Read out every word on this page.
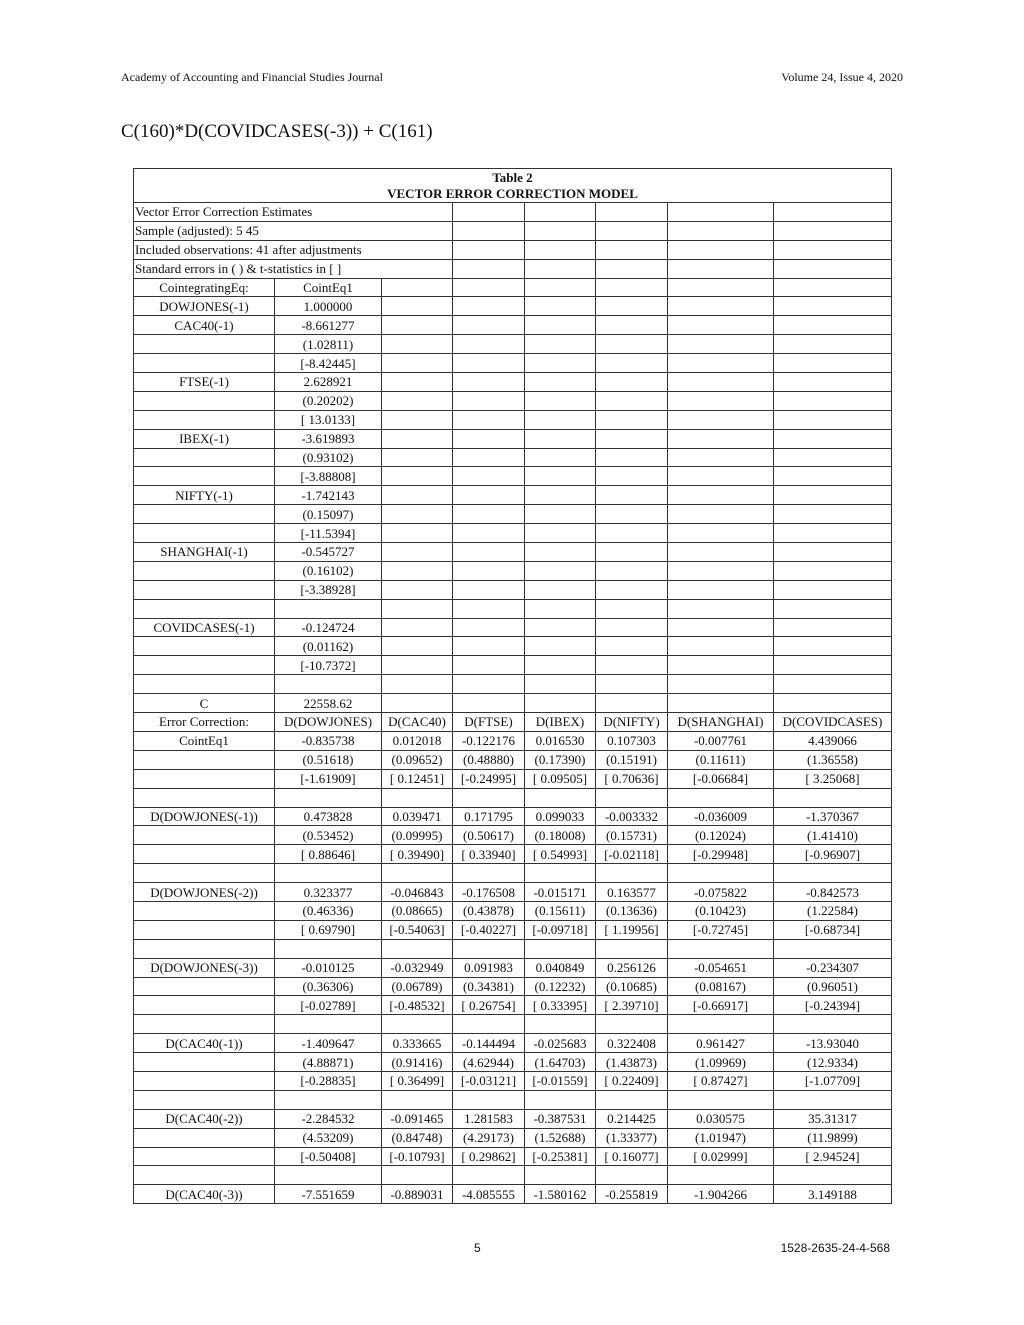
Academy of Accounting and Financial Studies Journal	Volume 24, Issue 4, 2020
C(160)*D(COVIDCASES(-3)) + C(161)
Table 2
VECTOR ERROR CORRECTION MODEL							

Vector Error Correction Estimates							
Sample (adjusted): 5 45							
Included observations: 41 after adjustments							
Standard errors in ( ) & t-statistics in [ ]							
CointegratingEq:	CointEq1						
DOWJONES(-1)	1.000000						
CAC40(-1)	-8.661277						
	(1.02811)						
	[-8.42445]						
FTSE(-1)	2.628921						
	(0.20202)						
	[ 13.0133]						
IBEX(-1)	-3.619893						
	(0.93102)						
	[-3.88808]						
NIFTY(-1)	-1.742143						
	(0.15097)						
	[-11.5394]						
SHANGHAI(-1)	-0.545727						
	(0.16102)						
	[-3.38928]						

COVIDCASES(-1)	-0.124724						
	(0.01162)						
	[-10.7372]						

C	22558.62						
Error Correction:	D(DOWJONES)	D(CAC40)	D(FTSE)	D(IBEX)	D(NIFTY)	D(SHANGHAI)	D(COVIDCASES)
CointEq1	-0.835738	0.012018	-0.122176	0.016530	0.107303	-0.007761	4.439066
	(0.51618)	(0.09652)	(0.48880)	(0.17390)	(0.15191)	(0.11611)	(1.36558)
	[-1.61909]	[ 0.12451]	[-0.24995]	[ 0.09505]	[ 0.70636]	[-0.06684]	[ 3.25068]

D(DOWJONES(-1))	0.473828	0.039471	0.171795	0.099033	-0.003332	-0.036009	-1.370367
	(0.53452)	(0.09995)	(0.50617)	(0.18008)	(0.15731)	(0.12024)	(1.41410)
	[ 0.88646]	[ 0.39490]	[ 0.33940]	[ 0.54993]	[-0.02118]	[-0.29948]	[-0.96907]

D(DOWJONES(-2))	0.323377	-0.046843	-0.176508	-0.015171	0.163577	-0.075822	-0.842573
	(0.46336)	(0.08665)	(0.43878)	(0.15611)	(0.13636)	(0.10423)	(1.22584)
	[ 0.69790]	[-0.54063]	[-0.40227]	[-0.09718]	[ 1.19956]	[-0.72745]	[-0.68734]

D(DOWJONES(-3))	-0.010125	-0.032949	0.091983	0.040849	0.256126	-0.054651	-0.234307
	(0.36306)	(0.06789)	(0.34381)	(0.12232)	(0.10685)	(0.08167)	(0.96051)
	[-0.02789]	[-0.48532]	[ 0.26754]	[ 0.33395]	[ 2.39710]	[-0.66917]	[-0.24394]

D(CAC40(-1))	-1.409647	0.333665	-0.144494	-0.025683	0.322408	0.961427	-13.93040
	(4.88871)	(0.91416)	(4.62944)	(1.64703)	(1.43873)	(1.09969)	(12.9334)
	[-0.28835]	[ 0.36499]	[-0.03121]	[-0.01559]	[ 0.22409]	[ 0.87427]	[-1.07709]

D(CAC40(-2))	-2.284532	-0.091465	1.281583	-0.387531	0.214425	0.030575	35.31317
	(4.53209)	(0.84748)	(4.29173)	(1.52688)	(1.33377)	(1.01947)	(11.9899)
	[-0.50408]	[-0.10793]	[ 0.29862]	[-0.25381]	[ 0.16077]	[ 0.02999]	[ 2.94524]

D(CAC40(-3))	-7.551659	-0.889031	-4.085555	-1.580162	-0.255819	-1.904266	3.149188
5	1528-2635-24-4-568
